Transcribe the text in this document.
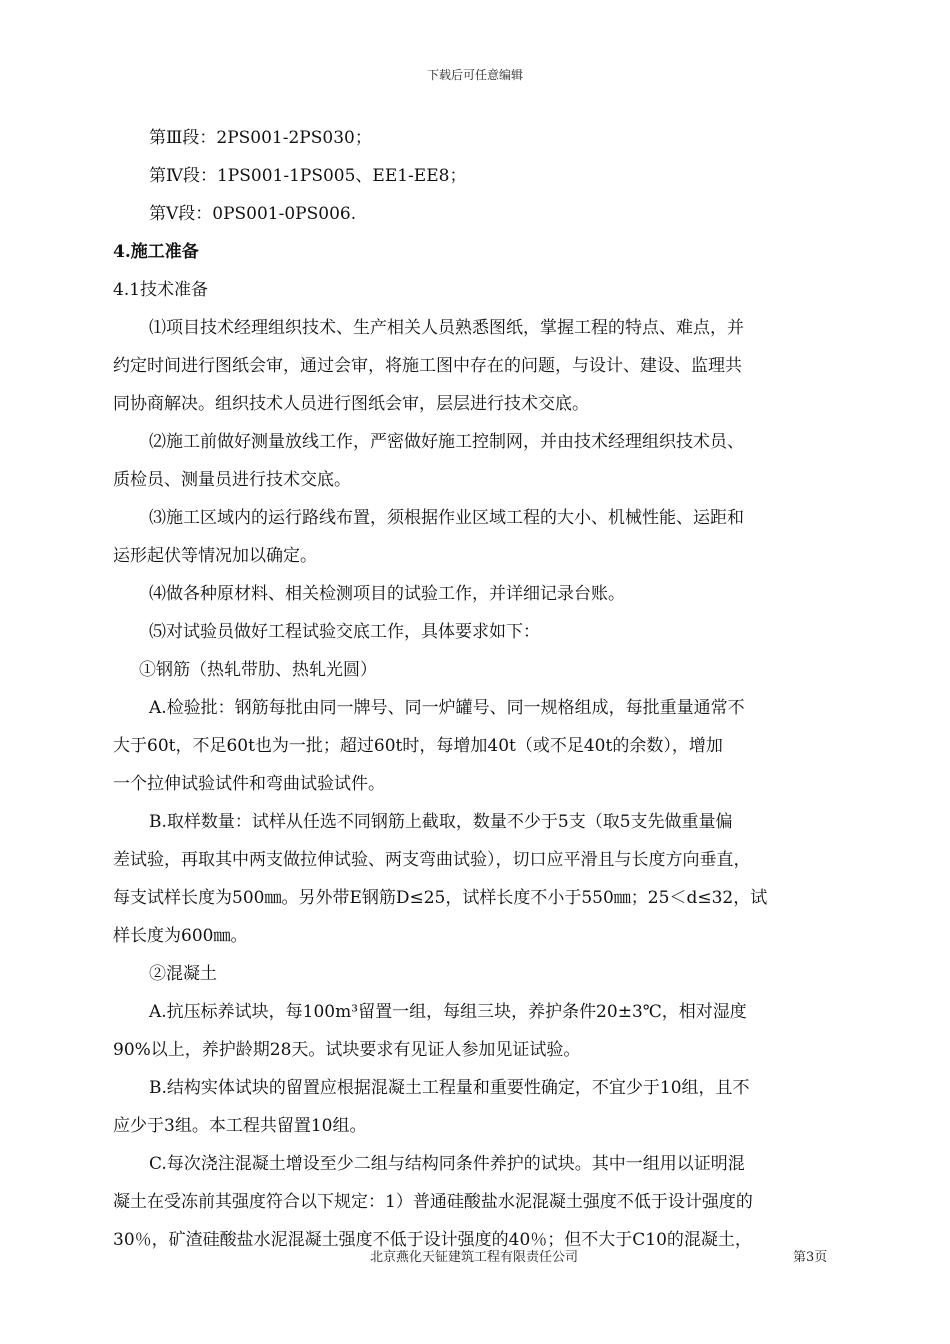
下载后可任意编辑
第Ⅲ段：2PS001-2PS030；
第Ⅳ段：1PS001-1PS005、EE1-EE8；
第Ⅴ段：0PS001-0PS006.
4.施工准备
4.1技术准备
⑴项目技术经理组织技术、生产相关人员熟悉图纸，掌握工程的特点、难点，并
约定时间进行图纸会审，通过会审，将施工图中存在的问题，与设计、建设、监理共
同协商解决。组织技术人员进行图纸会审，层层进行技术交底。
⑵施工前做好测量放线工作，严密做好施工控制网，并由技术经理组织技术员、
质检员、测量员进行技术交底。
⑶施工区域内的运行路线布置，须根据作业区域工程的大小、机械性能、运距和
运形起伏等情况加以确定。
⑷做各种原材料、相关检测项目的试验工作，并详细记录台账。
⑸对试验员做好工程试验交底工作，具体要求如下：
①钢筋（热轧带肋、热轧光圆）
A.检验批：钢筋每批由同一牌号、同一炉罐号、同一规格组成，每批重量通常不
大于60t，不足60t也为一批；超过60t时，每增加40t（或不足40t的余数），增加
一个拉伸试验试件和弯曲试验试件。
B.取样数量：试样从任选不同钢筋上截取，数量不少于5支（取5支先做重量偏
差试验，再取其中两支做拉伸试验、两支弯曲试验），切口应平滑且与长度方向垂直，
每支试样长度为500㎜。另外带E钢筋D≤25，试样长度不小于550㎜；25＜d≤32，试
样长度为600㎜。
②混凝土
A.抗压标养试块，每100m³留置一组，每组三块，养护条件20±3℃，相对湿度
90%以上，养护龄期28天。试块要求有见证人参加见证试验。
B.结构实体试块的留置应根据混凝土工程量和重要性确定，不宜少于10组，且不
应少于3组。本工程共留置10组。
C.每次浇注混凝土增设至少二组与结构同条件养护的试块。其中一组用以证明混
凝土在受冻前其强度符合以下规定：1）普通硅酸盐水泥混凝土强度不低于设计强度的
30％，矿渣硅酸盐水泥混凝土强度不低于设计强度的40％；但不大于C10的混凝土，
北京燕化天钲建筑工程有限责任公司	第3页
